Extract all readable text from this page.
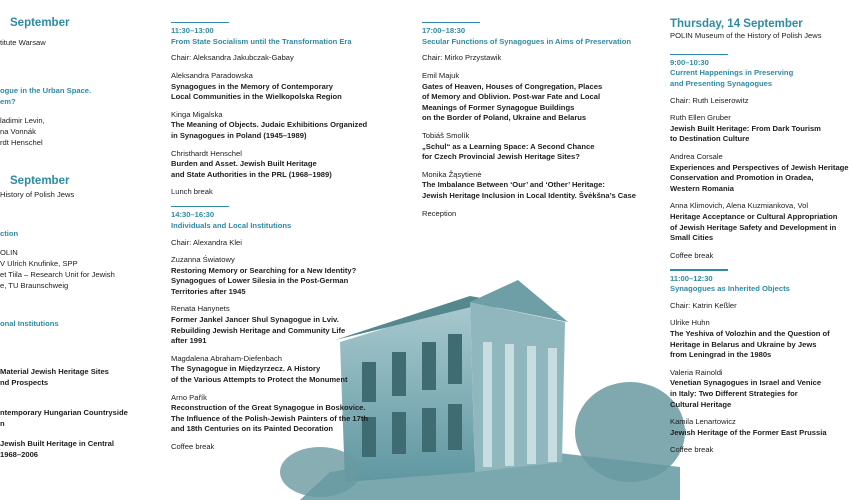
September
titute Warsaw
ogue in the Urban Space.
em?
ladimir Levin,
na Vonnák
rdt Henschel
September
History of Polish Jews
ction
OLIN
V Ulrich Knufinke, SPP
et Tiila – Research Unit for Jewish
e, TU Braunschweig
onal Institutions
Material Jewish Heritage Sites
nd Prospects
ntemporary Hungarian Countryside
n
Jewish Built Heritage in Central
1968–2006
11:30–13:00
From State Socialism until the Transformation Era
Chair: Aleksandra Jakubczak-Gabay
Aleksandra Paradowska
Synagogues in the Memory of Contemporary
Local Communities in the Wielkopolska Region
Kinga Migalska
The Meaning of Objects. Judaic Exhibitions Organized
in Synagogues in Poland (1945–1989)
Christhardt Henschel
Burden and Asset. Jewish Built Heritage
and State Authorities in the PRL (1968–1989)
Lunch break
14:30–16:30
Individuals and Local Institutions
Chair: Alexandra Klei
Zuzanna Światowy
Restoring Memory or Searching for a New Identity?
Synagogues of Lower Silesia in the Post-German
Territories after 1945
Renata Hanynets
Former Jankel Jancer Shul Synagogue in Lviv.
Rebuilding Jewish Heritage and Community Life
after 1991
Magdalena Abraham-Diefenbach
The Synagogue in Międzyrzecz. A History
of the Various Attempts to Protect the Monument
Arno Pařík
Reconstruction of the Great Synagogue in Boskovice.
The Influence of the Polish-Jewish Painters of the 17th
and 18th Centuries on its Painted Decoration
Coffee break
17:00–18:30
Secular Functions of Synagogues in Aims of Preservation
Chair: Mirko Przystawik
Emil Majuk
Gates of Heaven, Houses of Congregation, Places
of Memory and Oblivion. Post-war Fate and Local
Meanings of Former Synagogue Buildings
on the Border of Poland, Ukraine and Belarus
Tobiáš Smolík
„Schul“ as a Learning Space: A Second Chance
for Czech Provincial Jewish Heritage Sites?
Monika Žąsytienė
The Imbalance Between ‘Our’ and ‘Other’ Heritage:
Jewish Heritage Inclusion in Local Identity. Švėkšna’s Case
Reception
Thursday, 14 September
POLIN Museum of the History of Polish Jews
9:00–10:30
Current Happenings in Preserving
and Presenting Synagogues
Chair: Ruth Leiserowitz
Ruth Ellen Gruber
Jewish Built Heritage: From Dark Tourism
to Destination Culture
Andrea Corsale
Experiences and Perspectives of Jewish Heritage
Conservation and Promotion in Oradea,
Western Romania
Anna Klimovich, Alena Kuzmiankova, Vol
Heritage Acceptance or Cultural Appropriation
of Jewish Heritage Safety and Development in
Small Cities
Coffee break
11:00–12:30
Synagogues as Inherited Objects
Chair: Katrin Keßler
Ulrike Huhn
The Yeshiva of Volozhin and the Question of
Heritage in Belarus and Ukraine by Jews
from Leningrad in the 1980s
Valeria Rainoldi
Venetian Synagogues in Israel and Venice
in Italy: Two Different Strategies for
Cultural Heritage
Kamila Lenartowicz
Jewish Heritage of the Former East Prussia
Coffee break
